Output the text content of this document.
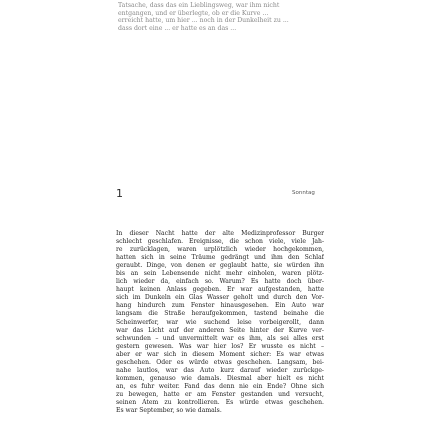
Tatsache, dass das ein Lieblingsweg, war ihm nicht
entgangen, und er überlegte, ob er die Kurve ...
erreicht hatte, um hier ... noch in der Dunkelheit zu ...
dass dort eine ... er hatte es an das ...
1	Sonntag
In dieser Nacht hatte der alte Medizinprofessor Burger
schlecht geschlafen. Ereignisse, die schon viele, viele Jah-
re zurücklagen, waren urplötzlich wieder hochgekommen,
hatten sich in seine Träume gedrängt und ihm den Schlaf
geraubt. Dinge, von denen er geglaubt hatte, sie würden ihn
bis an sein Lebensende nicht mehr einholen, waren plötz-
lich wieder da, einfach so. Warum? Es hatte doch über-
haupt keinen Anlass gegeben. Er war aufgestanden, hatte
sich im Dunkeln ein Glas Wasser geholt und durch den Vor-
hang hindurch zum Fenster hinausgesehen. Ein Auto war
langsam die Straße heraufgekommen, tastend beinahe die
Scheinwerfer, war wie suchend leise vorbeigerollt, dann
war das Licht auf der anderen Seite hinter der Kurve ver-
schwunden – und unvermittelt war es ihm, als sei alles erst
gestern gewesen. Was war hier los? Er wusste es nicht –
aber er war sich in diesem Moment sicher: Es war etwas
geschehen. Oder es würde etwas geschehen. Langsam, bei-
nahe lautlos, war das Auto kurz darauf wieder zurückge-
kommen, genauso wie damals. Diesmal aber hielt es nicht
an, es fuhr weiter. Fand das denn nie ein Ende? Ohne sich
zu bewegen, hatte er am Fenster gestanden und versucht,
seinen Atem zu kontrollieren. Es würde etwas geschehen.
Es war September, so wie damals.
